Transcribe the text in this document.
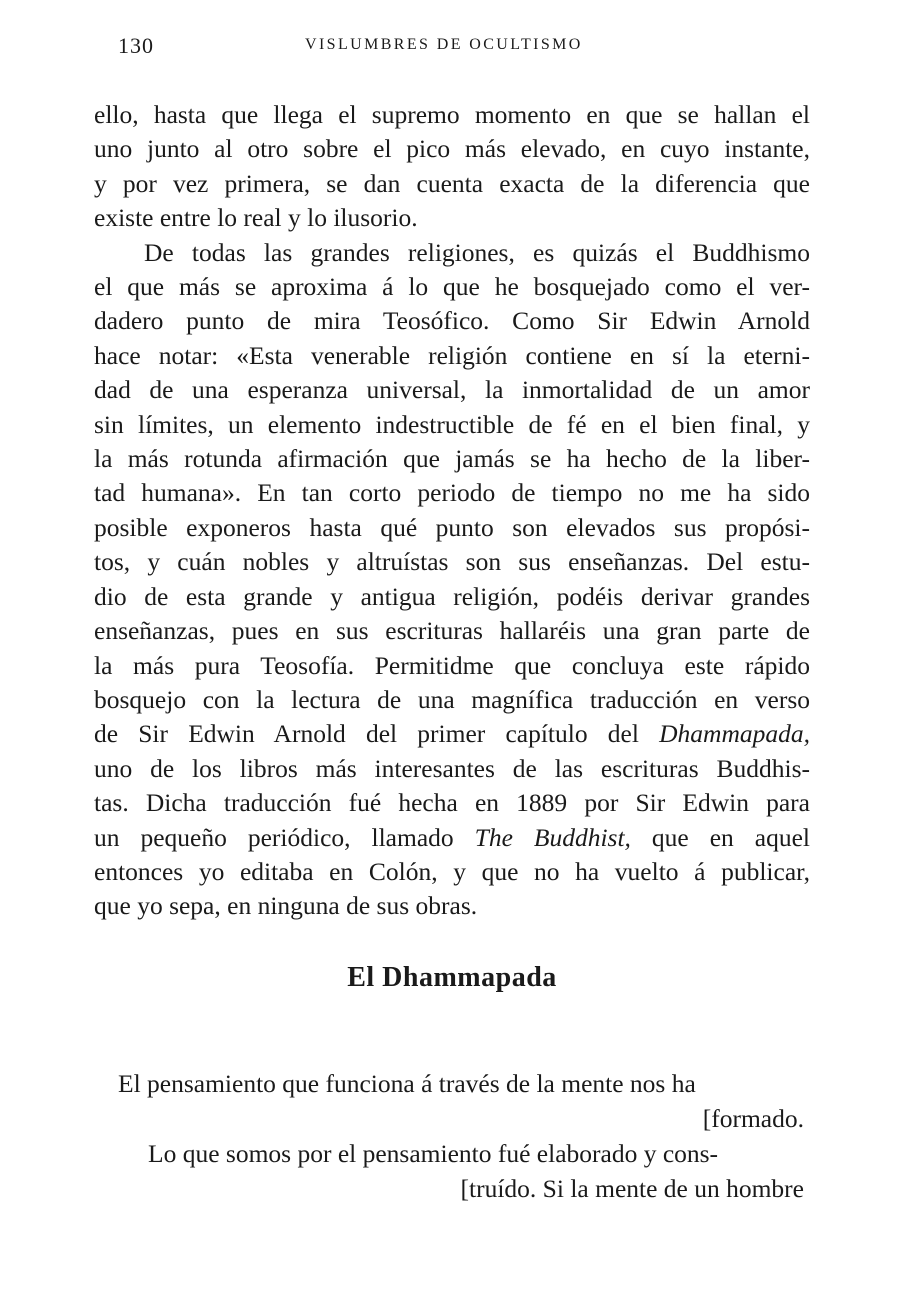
130	VISLUMBRES DE OCULTISMO

ello, hasta que llega el supremo momento en que se hallan el
uno junto al otro sobre el pico más elevado, en cuyo instante,
y por vez primera, se dan cuenta exacta de la diferencia que
existe entre lo real y lo ilusorio.

De todas las grandes religiones, es quizás el Buddhismo
el que más se aproxima á lo que he bosquejado como el ver-
dadero punto de mira Teosófico. Como Sir Edwin Arnold
hace notar: «Esta venerable religión contiene en sí la eterni-
dad de una esperanza universal, la inmortalidad de un amor
sin límites, un elemento indestructible de fé en el bien final, y
la más rotunda afirmación que jamás se ha hecho de la liber-
tad humana». En tan corto periodo de tiempo no me ha sido
posible exponeros hasta qué punto son elevados sus propósi-
tos, y cuán nobles y altruístas son sus enseñanzas. Del estu-
dio de esta grande y antigua religión, podéis derivar grandes
enseñanzas, pues en sus escrituras hallaréis una gran parte de
la más pura Teosofía. Permitidme que concluya este rápido
bosquejo con la lectura de una magnífica traducción en verso
de Sir Edwin Arnold del primer capítulo del Dhammapada,
uno de los libros más interesantes de las escrituras Buddhis-
tas. Dicha traducción fué hecha en 1889 por Sir Edwin para
un pequeño periódico, llamado The Buddhist, que en aquel
entonces yo editaba en Colón, y que no ha vuelto á publicar,
que yo sepa, en ninguna de sus obras.

El Dhammapada
El pensamiento que funciona á través de la mente nos ha
[formado.
Lo que somos por el pensamiento fué elaborado y cons-
[truído. Si la mente de un hombre
